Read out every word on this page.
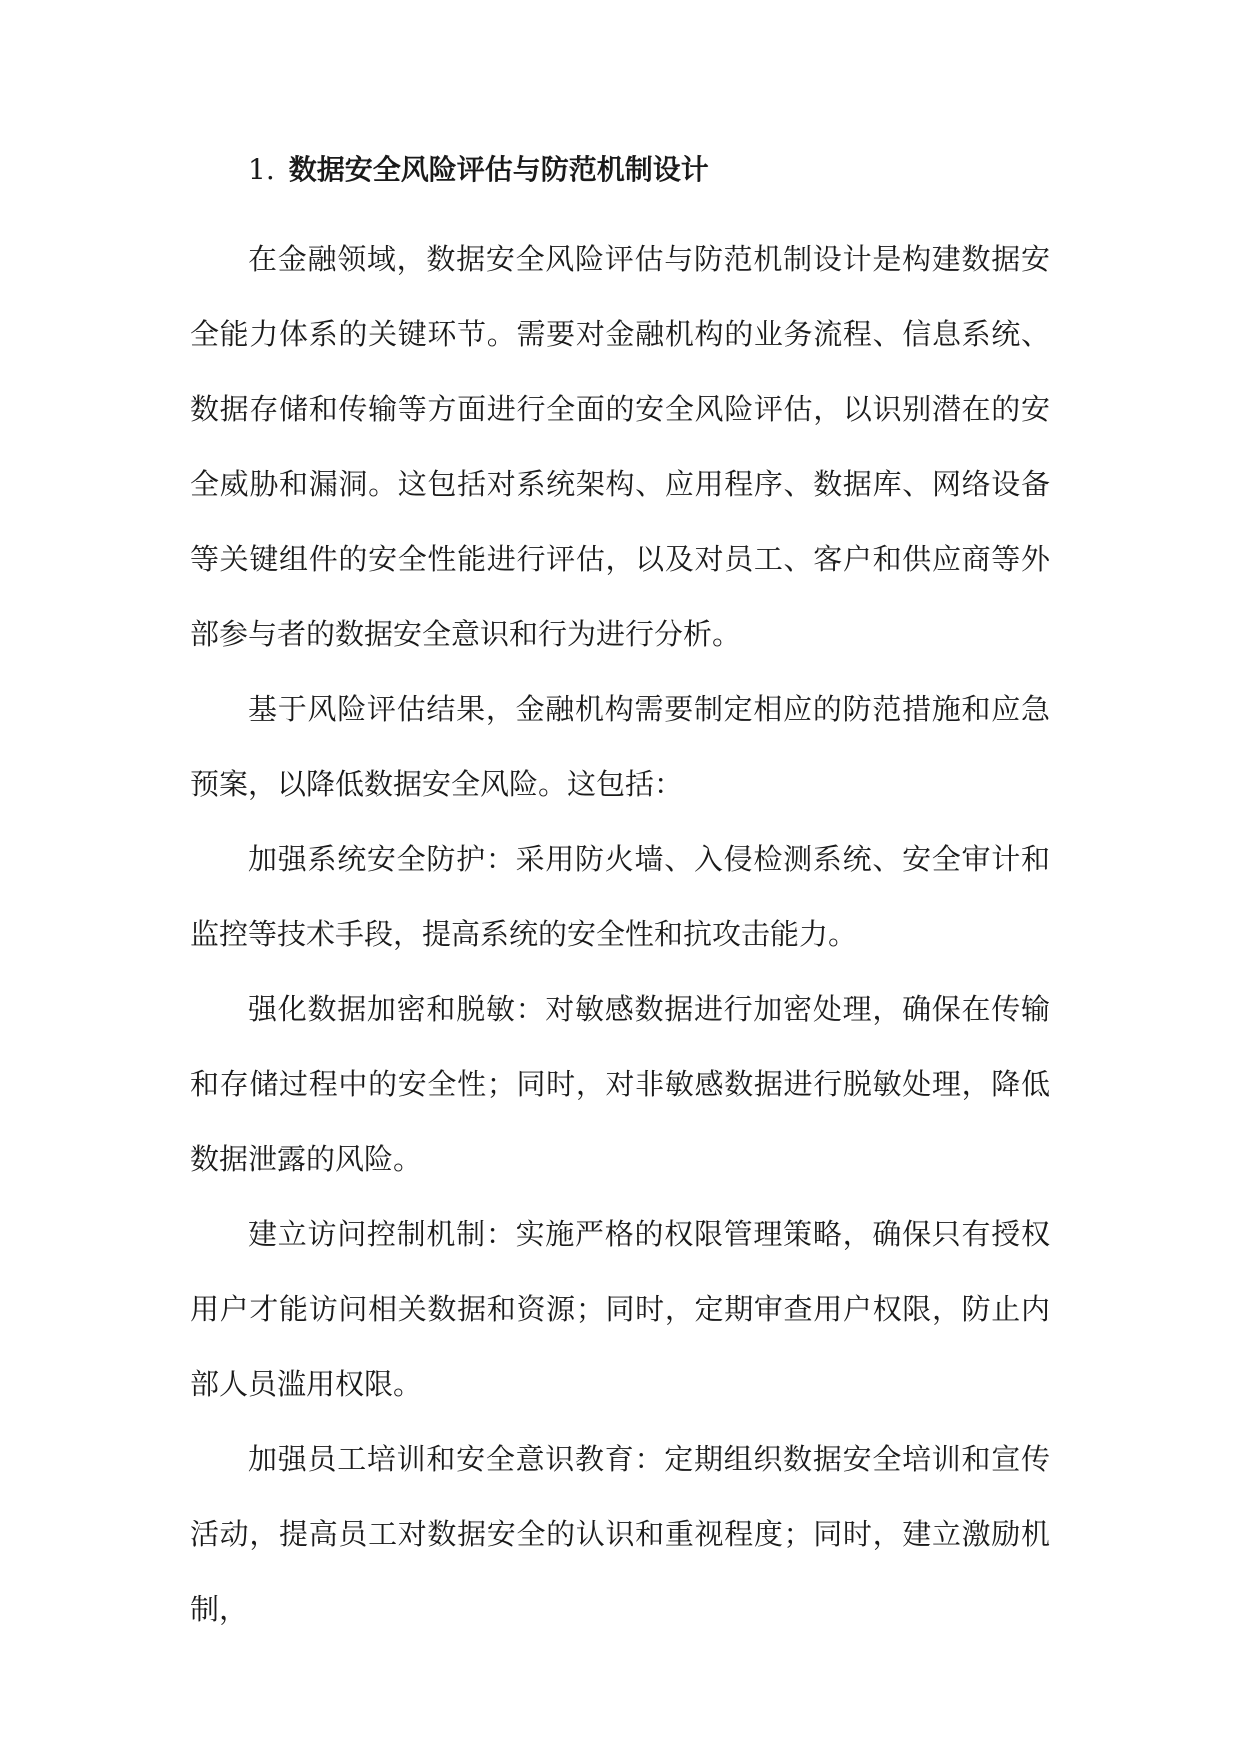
1. 数据安全风险评估与防范机制设计

在金融领域，数据安全风险评估与防范机制设计是构建数据安全能力体系的关键环节。需要对金融机构的业务流程、信息系统、数据存储和传输等方面进行全面的安全风险评估，以识别潜在的安全威胁和漏洞。这包括对系统架构、应用程序、数据库、网络设备等关键组件的安全性能进行评估，以及对员工、客户和供应商等外部参与者的数据安全意识和行为进行分析。

基于风险评估结果，金融机构需要制定相应的防范措施和应急预案，以降低数据安全风险。这包括：

加强系统安全防护：采用防火墙、入侵检测系统、安全审计和监控等技术手段，提高系统的安全性和抗攻击能力。

强化数据加密和脱敏：对敏感数据进行加密处理，确保在传输和存储过程中的安全性；同时，对非敏感数据进行脱敏处理，降低数据泄露的风险。

建立访问控制机制：实施严格的权限管理策略，确保只有授权用户才能访问相关数据和资源；同时，定期审查用户权限，防止内部人员滥用权限。

加强员工培训和安全意识教育：定期组织数据安全培训和宣传活动，提高员工对数据安全的认识和重视程度；同时，建立激励机制，
